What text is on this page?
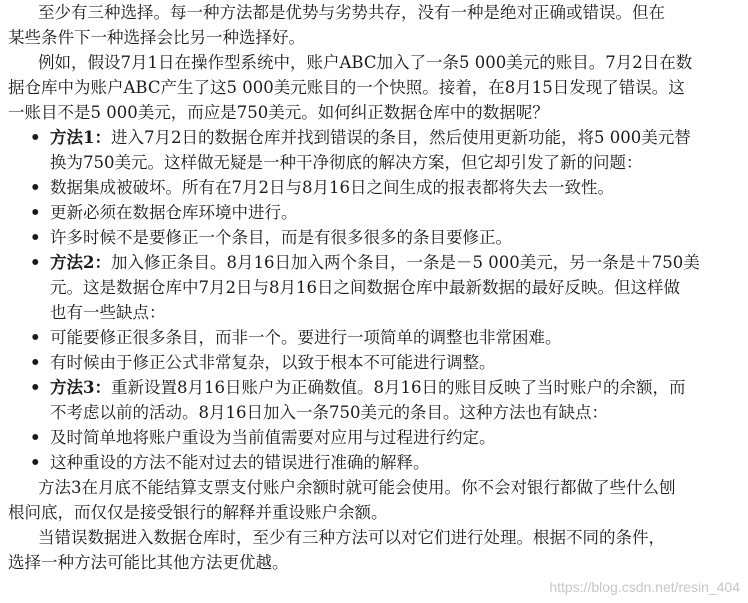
至少有三种选择。每一种方法都是优势与劣势共存，没有一种是绝对正确或错误。但在
某些条件下一种选择会比另一种选择好。
例如，假设7月1日在操作型系统中，账户ABC加入了一条5 000美元的账目。7月2日在数
据仓库中为账户ABC产生了这5 000美元账目的一个快照。接着，在8月15日发现了错误。这
一账目不是5 000美元，而应是750美元。如何纠正数据仓库中的数据呢？
• 方法1：进入7月2日的数据仓库并找到错误的条目，然后使用更新功能，将5 000美元替
换为750美元。这样做无疑是一种干净彻底的解决方案，但它却引发了新的问题：
• 数据集成被破坏。所有在7月2日与8月16日之间生成的报表都将失去一致性。
• 更新必须在数据仓库环境中进行。
• 许多时候不是要修正一个条目，而是有很多很多的条目要修正。
• 方法2：加入修正条目。8月16日加入两个条目，一条是－5 000美元，另一条是＋750美
元。这是数据仓库中7月2日与8月16日之间数据仓库中最新数据的最好反映。但这样做
也有一些缺点：
• 可能要修正很多条目，而非一个。要进行一项简单的调整也非常困难。
• 有时候由于修正公式非常复杂，以致于根本不可能进行调整。
• 方法3：重新设置8月16日账户为正确数值。8月16日的账目反映了当时账户的余额，而
不考虑以前的活动。8月16日加入一条750美元的条目。这种方法也有缺点：
• 及时简单地将账户重设为当前值需要对应用与过程进行约定。
• 这种重设的方法不能对过去的错误进行准确的解释。
方法3在月底不能结算支票支付账户余额时就可能会使用。你不会对银行都做了些什么刨
根问底，而仅仅是接受银行的解释并重设账户余额。
当错误数据进入数据仓库时，至少有三种方法可以对它们进行处理。根据不同的条件，
选择一种方法可能比其他方法更优越。
https://blog.csdn.net/resin_404
